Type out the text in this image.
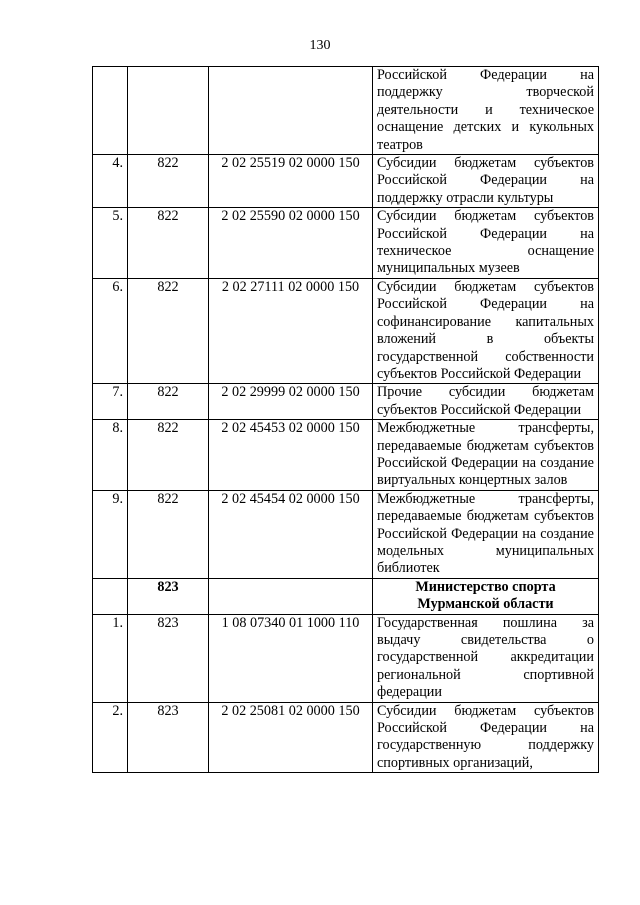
130
			Российской Федерации на поддержку творческой деятельности и техническое оснащение детских и кукольных театров
4.	822	2 02 25519 02 0000 150	Субсидии бюджетам субъектов Российской Федерации на поддержку отрасли культуры
5.	822	2 02 25590 02 0000 150	Субсидии бюджетам субъектов Российской Федерации на техническое оснащение муниципальных музеев
6.	822	2 02 27111 02 0000 150	Субсидии бюджетам субъектов Российской Федерации на софинансирование капитальных вложений в объекты государственной собственности субъектов Российской Федерации
7.	822	2 02 29999 02 0000 150	Прочие субсидии бюджетам субъектов Российской Федерации
8.	822	2 02 45453 02 0000 150	Межбюджетные трансферты, передаваемые бюджетам субъектов Российской Федерации на создание виртуальных концертных залов
9.	822	2 02 45454 02 0000 150	Межбюджетные трансферты, передаваемые бюджетам субъектов Российской Федерации на создание модельных муниципальных библиотек
	823		Министерство спорта Мурманской области
1.	823	1 08 07340 01 1000 110	Государственная пошлина за выдачу свидетельства о государственной аккредитации региональной спортивной федерации
2.	823	2 02 25081 02 0000 150	Субсидии бюджетам субъектов Российской Федерации на государственную поддержку спортивных организаций,
